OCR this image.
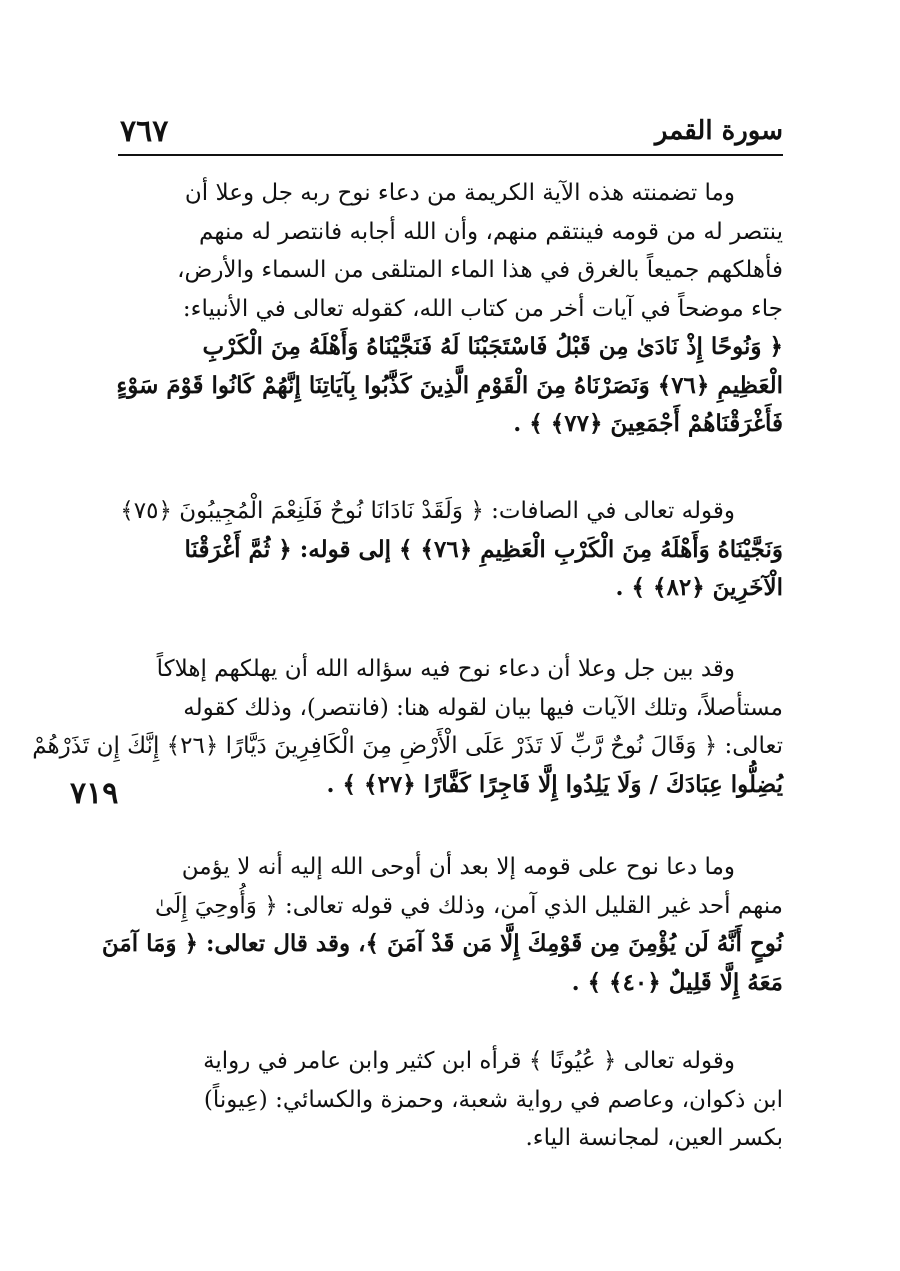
٧٦٧	سورة القمر
٧١٩

وما تضمنته هذه الآية الكريمة من دعاء نوح ربه جل وعلا أن
ينتصر له من قومه فينتقم منهم، وأن الله أجابه فانتصر له منهم
فأهلكهم جميعاً بالغرق في هذا الماء المتلقى من السماء والأرض،
جاء موضحاً في آيات أخر من كتاب الله، كقوله تعالى في الأنبياء:
﴿ وَنُوحًا إِذْ نَادَىٰ مِن قَبْلُ فَاسْتَجَبْنَا لَهُ فَنَجَّيْنَاهُ وَأَهْلَهُ مِنَ الْكَرْبِ
الْعَظِيمِ ﴿٧٦﴾ وَنَصَرْنَاهُ مِنَ الْقَوْمِ الَّذِينَ كَذَّبُوا بِآيَاتِنَا إِنَّهُمْ كَانُوا قَوْمَ سَوْءٍ
فَأَغْرَقْنَاهُمْ أَجْمَعِينَ ﴿٧٧﴾ ﴾ .

وقوله تعالى في الصافات: ﴿ وَلَقَدْ نَادَانَا نُوحٌ فَلَنِعْمَ الْمُجِيبُونَ ﴿٧٥﴾
وَنَجَّيْنَاهُ وَأَهْلَهُ مِنَ الْكَرْبِ الْعَظِيمِ ﴿٧٦﴾ ﴾ إلى قوله: ﴿ ثُمَّ أَغْرَقْنَا
الْآخَرِينَ ﴿٨٢﴾ ﴾ .

وقد بين جل وعلا أن دعاء نوح فيه سؤاله الله أن يهلكهم إهلاكاً
مستأصلاً، وتلك الآيات فيها بيان لقوله هنا: (فانتصر)، وذلك كقوله
تعالى: ﴿ وَقَالَ نُوحٌ رَّبِّ لَا تَذَرْ عَلَى الْأَرْضِ مِنَ الْكَافِرِينَ دَيَّارًا ﴿٢٦﴾ إِنَّكَ إِن تَذَرْهُمْ
يُضِلُّوا عِبَادَكَ / وَلَا يَلِدُوا إِلَّا فَاجِرًا كَفَّارًا ﴿٢٧﴾ ﴾ .

وما دعا نوح على قومه إلا بعد أن أوحى الله إليه أنه لا يؤمن
منهم أحد غير القليل الذي آمن، وذلك في قوله تعالى: ﴿ وَأُوحِيَ إِلَىٰ
نُوحٍ أَنَّهُ لَن يُؤْمِنَ مِن قَوْمِكَ إِلَّا مَن قَدْ آمَنَ ﴾، وقد قال تعالى: ﴿ وَمَا آمَنَ
مَعَهُ إِلَّا قَلِيلٌ ﴿٤٠﴾ ﴾ .

وقوله تعالى ﴿ عُيُونًا ﴾ قرأه ابن كثير وابن عامر في رواية
ابن ذكوان، وعاصم في رواية شعبة، وحمزة والكسائي: (عِيوناً)
بكسر العين، لمجانسة الياء.
